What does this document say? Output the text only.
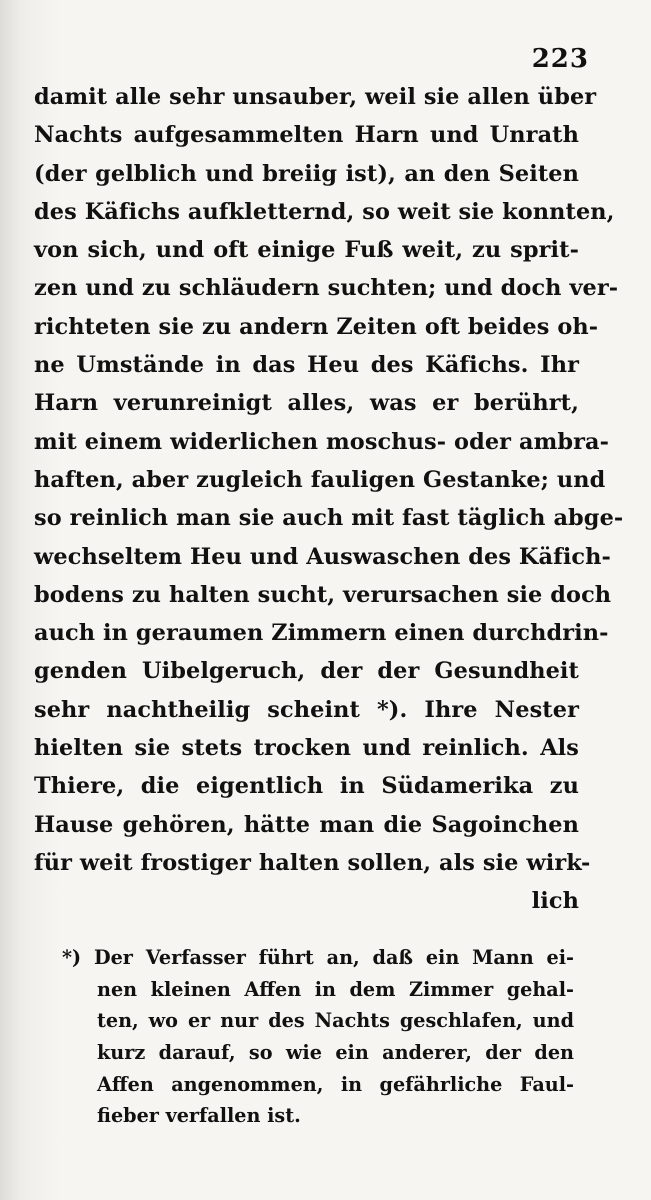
223
damit alle sehr unsauber, weil sie allen über
Nachts aufgesammelten Harn und Unrath
(der gelblich und breiig ist), an den Seiten
des Käfichs aufkletternd, so weit sie konnten,
von sich, und oft einige Fuß weit, zu sprit-
zen und zu schläudern suchten; und doch ver-
richteten sie zu andern Zeiten oft beides oh-
ne Umstände in das Heu des Käfichs. Ihr
Harn verunreinigt alles, was er berührt,
mit einem widerlichen moschus- oder ambra-
haften, aber zugleich fauligen Gestanke; und
so reinlich man sie auch mit fast täglich abge-
wechseltem Heu und Auswaschen des Käfich-
bodens zu halten sucht, verursachen sie doch
auch in geraumen Zimmern einen durchdrin-
genden Uibelgeruch, der der Gesundheit
sehr nachtheilig scheint *). Ihre Nester
hielten sie stets trocken und reinlich. Als
Thiere, die eigentlich in Südamerika zu
Hause gehören, hätte man die Sagoinchen
für weit frostiger halten sollen, als sie wirk-
lich
*) Der Verfasser führt an, daß ein Mann ei-
nen kleinen Affen in dem Zimmer gehal-
ten, wo er nur des Nachts geschlafen, und
kurz darauf, so wie ein anderer, der den
Affen angenommen, in gefährliche Faul-
fieber verfallen ist.
